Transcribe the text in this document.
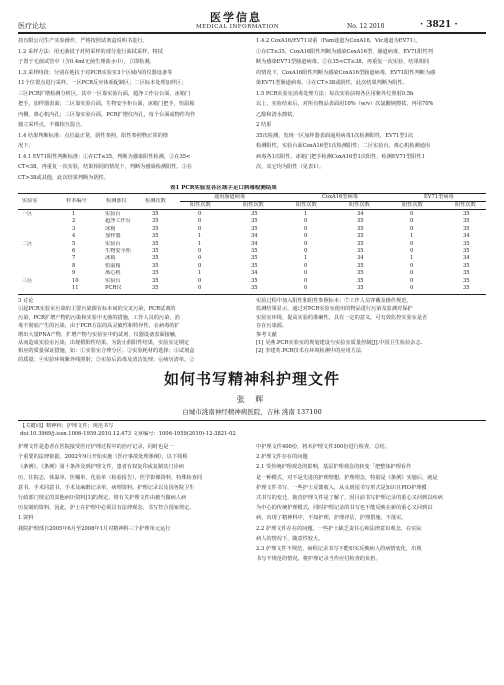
医疗论坛
医学信息
MEDICAL INFORMATION	No. 12 2010	· 3821 ·
技有限公司生产实验操作，严格按照试剂盒说明书进行。
1.2 采样方法：用无菌拭子对照采样的部分进行面拭采样，将拭
子置于无菌试管中（含0.4ml无菌生理盐水中），立即检测。
1.3 采样時段：分别在地抗于对PCR实验室3个区域内的仪器设备等
11个位置点进行采样。一区PCR反应体系配制区；二区标本处理加样区；
三区PCR扩增检测分析区。其中一区靠实验台面，超净工作台台面，冰箱门
把手，加样器表面；二区靠实验台面，生物安全柜台面，冰箱门把手，恒温箱
内侧，离心机内孔；三区靠实验台面，PCR扩增仪内孔，每个台面或物件均作
独立采样点，不做相互混合。
1.4 结果判断标准：点位最正常，阴性参照，阳性参照物正常的情
况下。
1.4.1 EV71阳性判断标准：①在CT≤35，判断为感染阳性检测，②在35<
CT<38，再重复一次实验，结果相同的情况下，判断为感染检测阳性。③在
CT>38或其他，此次结果判断为阴性。
1.4.2 CoxA16/EV71双重（Fam通道为CoxA16，Vic通道为EV71）。
①在CT≤35，CoxA16阳性判断为感染CoxA16型、肠道病毒，EV71阳性判
断为感染EV71型肠道病毒。②在35<CT≤38，再重复一次实验，结果相同
的情况下，CoxA16阳性判断为感染CoxA16型肠道病毒，EV71阳性判断为感
染EV71型肠道病毒。③在CT>38或阴性，此次结果判断为阴性。
1.5 PCR实验室消毒处理方法：每次实验前将各区用紫外灯照射0.5h
以上，实验结束后，对所有物品表面用10%（w/v）次氯酸钠擦拭，再用70%
乙醇和清水擦拭。
2 结果
35次检测，发现一区加样器表面通用病毒1次检测阳性，EV71型1次
检测阳性，实验台面CoxA16型1次检测阳性；二区实验台，离心机检测通用
病毒各1次阳性，冰箱门把手检测CoxA16型1次阳性，检测EV71型阳性1
次，其它均为阴性（见表1）。
表1 PCR实验室各区域手足口病毒检测结果
实验室	样本编号	检测部位	检测次数
通用肠道病毒	CoxA16型病毒	EV71型病毒
阳性次数	阴性次数	阳性次数	阴性次数	阳性次数	阴性次数
一区	1	实验台	35	0	35	1	34	0	35
2	超净工作台	35	0	35	0	35	0	35
3	冰箱	35	0	35	0	35	0	35
4	加样器	35	1	34	0	35	1	34
二区	5	实验台	35	1	34	0	35	0	35
6	生物安全柜	35	0	35	0	35	0	35
7	冰箱	35	0	35	1	34	1	34
8	恒温箱	35	0	35	0	35	0	35
9	离心机	35	1	34	0	35	0	35
三区	10	实验台	35	0	35	0	35	0	35
11	PCR仪	35	0	35	0	35	0	35
3 讨论
引起PCR实验室污染的主要污染源有标本间的交叉污染，PCR试剂的
污染，PCR扩增产物的污染和实验中无菌的措施，工作人员的污染，消
毒不彻底产生的污染。由于PCR方法的高灵敏性和特异性，在病毒的扩
增出大量PNA产物，扩增产物与实验室中的试剂，仪器设备表面接触，
从而造成实验室污染，出现假阳性结果。为防止假阳性结果，实验室定期定
相应的质量保证措施，如：①实验室合理分区；②实验耗材的选择；③试剂盒
的质量；④实验环境紫外线照射；⑤实验后消毒及清洁处理；⑥病历清单。②
实验过程中加入阳性和阴性参照标本；⑦工作人员穿戴及操作规范。
监测结果显示，通过对PCR实验室使用的物品进行污染及监测对保护
实验室环境，提高实验的准确性，具有一定的意义，可有效监控实验室是否
存在污染源。
参考文献
[1] 吴燕.PCR实验室的规划建设与实验室质量控制[J].中国卫生检验杂志.
[2] 李建英.PCR技术在环境检测中的应用方法.
如何书写精神科护理文件
张 辉
白城市洮南神经精神病医院，吉林 洮南 137100
【关键词】精神科；护理文件；规范书写
doi:10.3969/j.issn.1006-1959.2010.12.473 文章编号：1006-1959(2010)-12-3821-02
护理文件是患者在医院接受医疗护理过程中的治疗记录，同时也是一
个重要的法律依据。2002年9月开始实施《医疗事故处理条例》，以下简称
《条例》。《条例》第十条涉及到护理文件，患者有权复印或复制其门诊病
历，住院志，体温单，医嘱单，化验单（检验报告），医学影像资料，特殊检查同
意书，手术同意书，手术及麻醉记录单，病理资料，护理记录以及国务院卫生
行政部门规定的其他病历资料[1]的规定，将有关护理文件由被当做病人病
历复制的资料。因此，护士在护理中必须具有法律观念，书写符合国家规定。
1.资料
我院护理部自2005年6月至2008年1月对精神科三个护理单元运行
中护理文件400份，将未护理文件300份进行检查，总结。
2.护理文件存在的问题
2.1 受传统护理观念的影响，基层护理观念的转变「把整体护理看作
是一种模式，对不是先进的护理理想，护理理念，特别是《条例》实施后，就是
护理文件书写，一些护士反馈收入，从头到尾书写形式是知识且PIO护理模
式书写的变迁，拖沓护理文件是了解了，因目前书写护理记录的重心又回到以疾病
为中心的传统护理模式，同时护理记录的书写也不能反映在新的重心又回到以
病，出现了精神科中，不知护理，护理评估，护理措施，不落实。
2.2 护理文件存在的问题，一些护士缺乏责任心和法律意识观念，在实际
病人的情况下，随意性较大。
2.3 护理文件不规范，病程记录书写不能如实反映病人的病情变化，出现
书写不规范的情况，将护理记录当作应付检查的负担。
